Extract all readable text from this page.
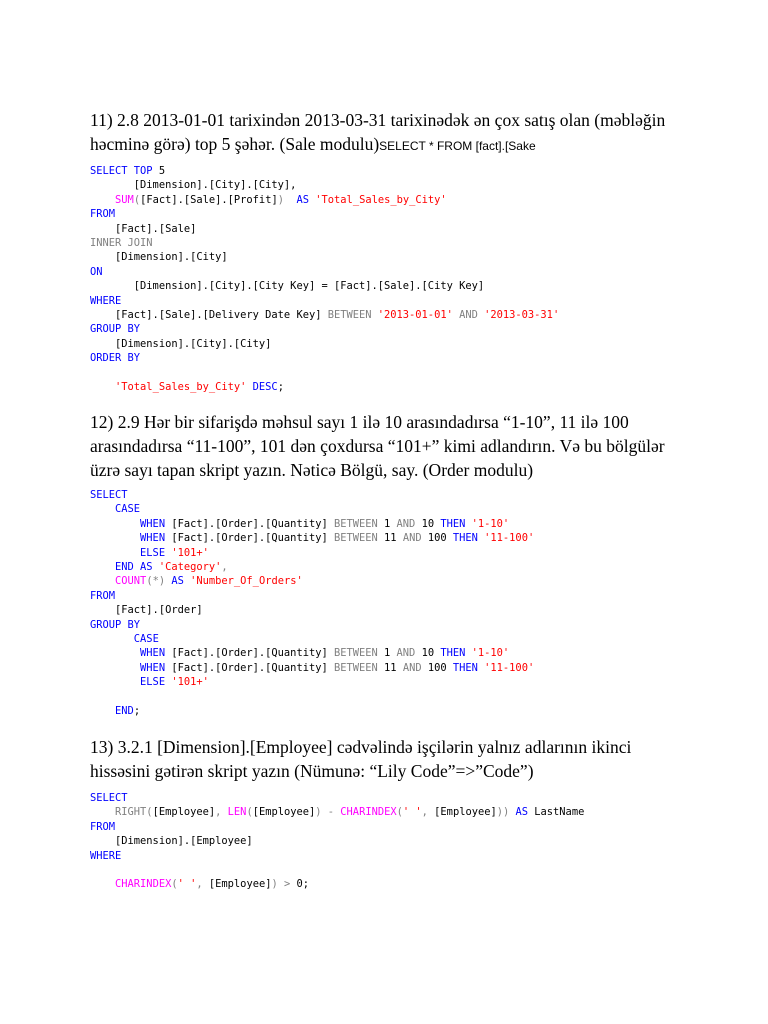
11) 2.8 2013-01-01 tarixindən 2013-03-31 tarixinədək ən çox satış olan (məbləğin
həcminə görə) top 5 şəhər. (Sale modulu)SELECT * FROM [fact].[Sake
SELECT TOP 5
[Dimension].[City].[City],
SUM([Fact].[Sale].[Profit]) AS 'Total_Sales_by_City'
FROM
[Fact].[Sale]
INNER JOIN
[Dimension].[City]
ON
[Dimension].[City].[City Key] = [Fact].[Sale].[City Key]
WHERE
[Fact].[Sale].[Delivery Date Key] BETWEEN '2013-01-01' AND '2013-03-31'
GROUP BY
[Dimension].[City].[City]
ORDER BY
'Total_Sales_by_City' DESC;
12) 2.9 Hər bir sifarişdə məhsul sayı 1 ilə 10 arasındadırsa “1-10”, 11 ilə 100
arasındadırsa “11-100”, 101 dən çoxdursa “101+” kimi adlandırın. Və bu bölgülər
üzrə sayı tapan skript yazın. Nəticə Bölgü, say. (Order modulu)
SELECT
CASE
WHEN [Fact].[Order].[Quantity] BETWEEN 1 AND 10 THEN '1-10'
WHEN [Fact].[Order].[Quantity] BETWEEN 11 AND 100 THEN '11-100'
ELSE '101+'
END AS 'Category',
COUNT(*) AS 'Number_Of_Orders'
FROM
[Fact].[Order]
GROUP BY
CASE
WHEN [Fact].[Order].[Quantity] BETWEEN 1 AND 10 THEN '1-10'
WHEN [Fact].[Order].[Quantity] BETWEEN 11 AND 100 THEN '11-100'
ELSE '101+'
END;
13) 3.2.1 [Dimension].[Employee] cədvəlində işçilərin yalnız adlarının ikinci
hissəsini gətirən skript yazın (Nümunə: “Lily Code”=>”Code”)
SELECT
RIGHT([Employee], LEN([Employee]) - CHARINDEX(' ', [Employee])) AS LastName
FROM
[Dimension].[Employee]
WHERE
CHARINDEX(' ', [Employee]) > 0;
